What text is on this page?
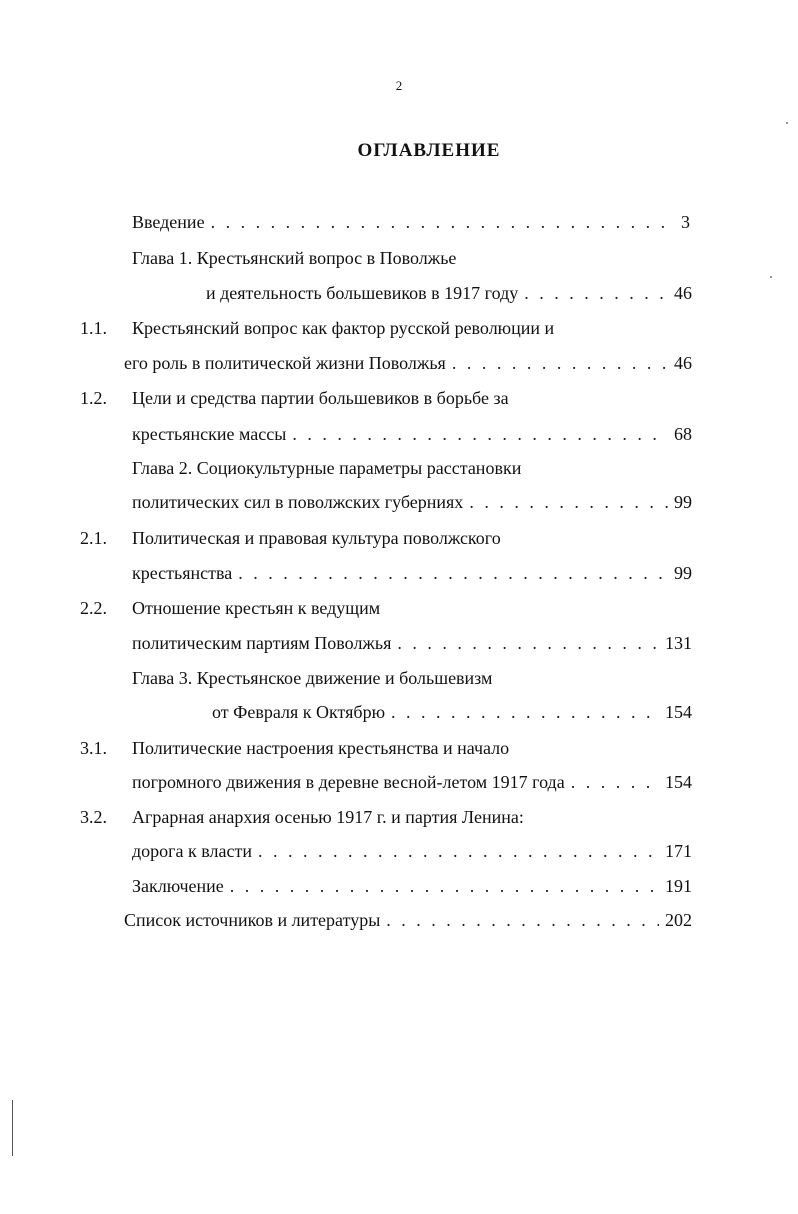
2
ОГЛАВЛЕНИЕ
Введение . . .	3
Глава 1. Крестьянский вопрос в Поволжье
и деятельность большевиков в 1917 году . . .	46
1.1. Крестьянский вопрос как фактор русской революции и
его роль в политической жизни Поволжья . . .	46
1.2. Цели и средства партии большевиков в борьбе за
крестьянские массы . . .	68
Глава 2. Социокультурные параметры расстановки
политических сил в поволжских губерниях . . .	99
2.1. Политическая и правовая культура поволжского
крестьянства . . .	99
2.2. Отношение крестьян к ведущим
политическим партиям Поволжья . . .	131
Глава 3. Крестьянское движение и большевизм
от Февраля к Октябрю . . .	154
3.1. Политические настроения крестьянства и начало
погромного движения в деревне весной-летом 1917 года . . .	154
3.2. Аграрная анархия осенью 1917 г. и партия Ленина:
дорога к власти . . .	171
Заключение . . .	191
Список источников и литературы . . .	202
